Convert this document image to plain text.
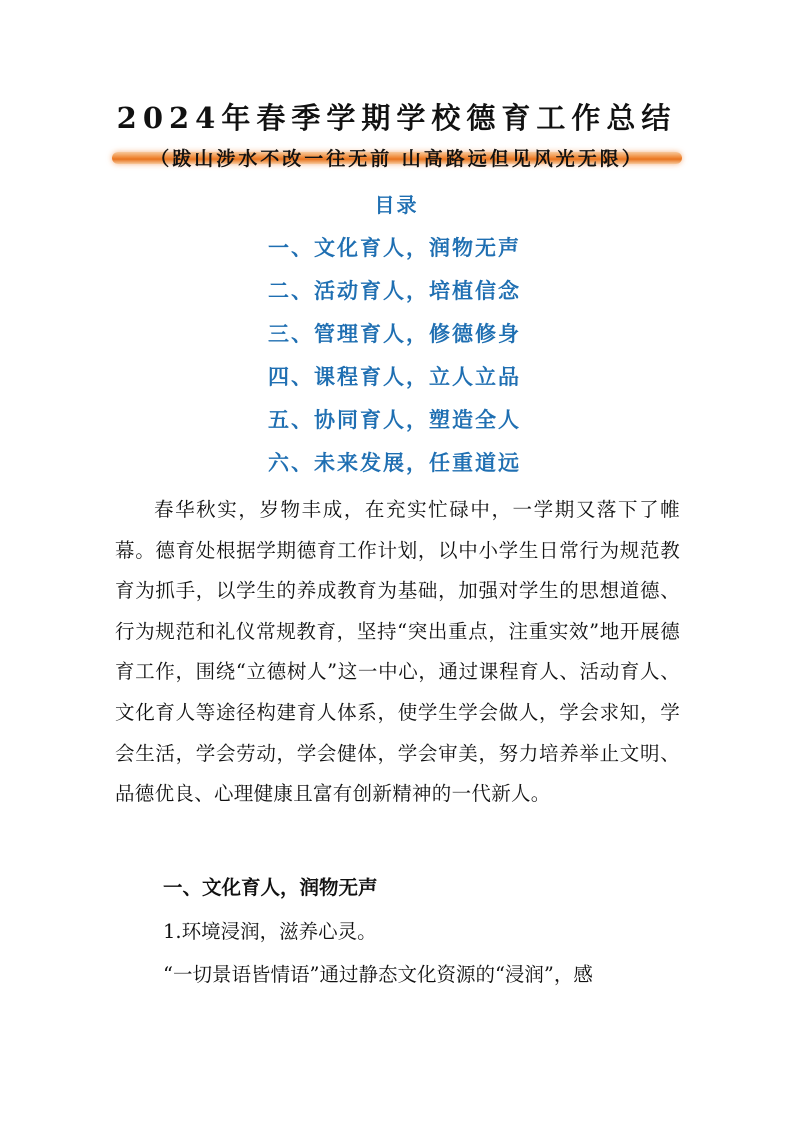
2024年春季学期学校德育工作总结
（跋山涉水不改一往无前 山高路远但见风光无限）
目录
一、文化育人，润物无声
二、活动育人，培植信念
三、管理育人，修德修身
四、课程育人，立人立品
五、协同育人，塑造全人
六、未来发展，任重道远

春华秋实，岁物丰成，在充实忙碌中，一学期又落下了帷幕。德育处根据学期德育工作计划，以中小学生日常行为规范教育为抓手，以学生的养成教育为基础，加强对学生的思想道德、行为规范和礼仪常规教育，坚持“突出重点，注重实效”地开展德育工作，围绕“立德树人”这一中心，通过课程育人、活动育人、文化育人等途径构建育人体系，使学生学会做人，学会求知，学会生活，学会劳动，学会健体，学会审美，努力培养举止文明、品德优良、心理健康且富有创新精神的一代新人。

一、文化育人，润物无声
1.环境浸润，滋养心灵。
“一切景语皆情语”通过静态文化资源的“浸润”，感
